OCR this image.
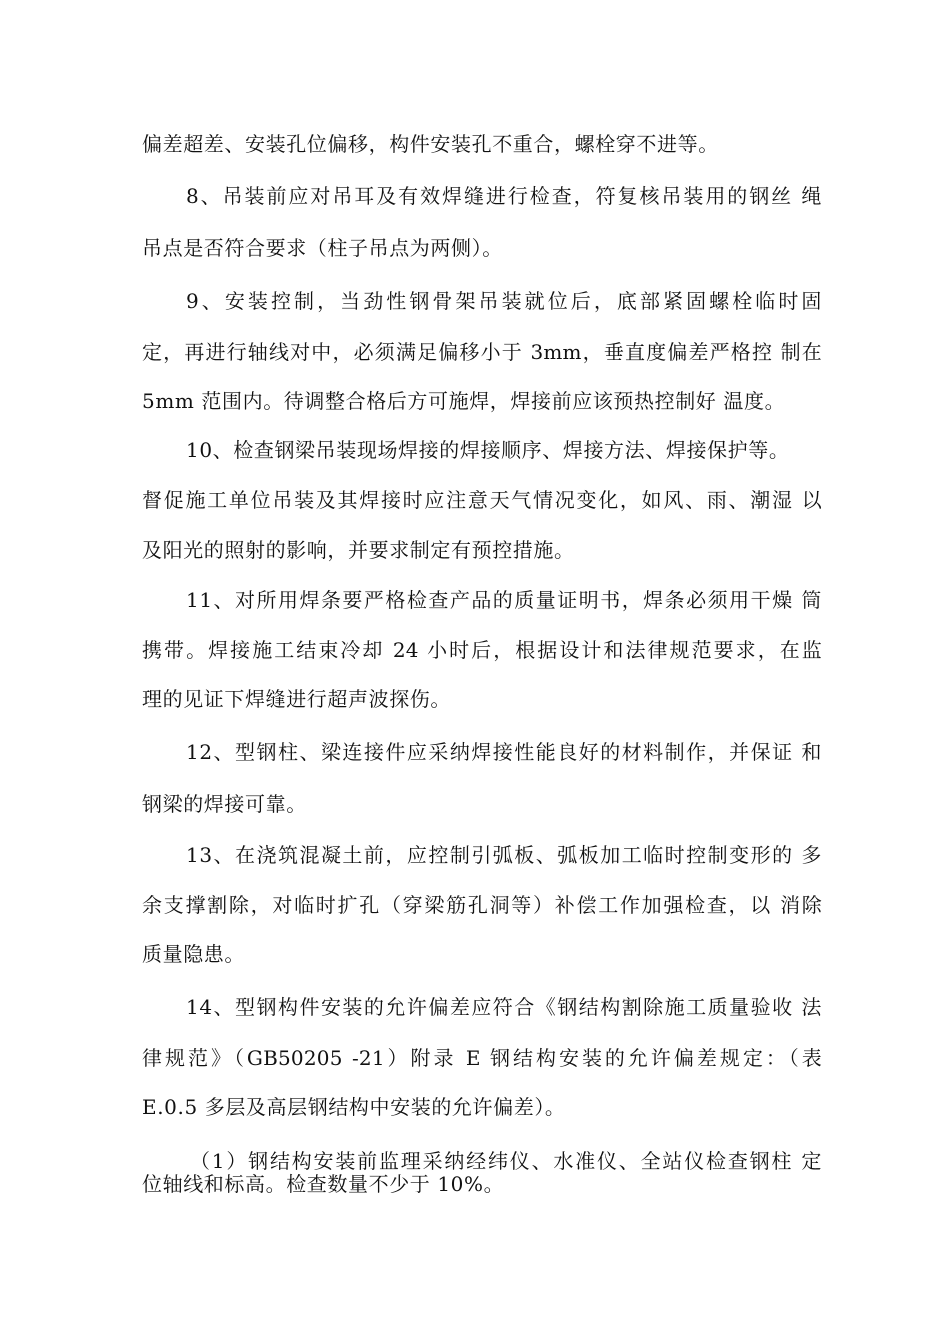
偏差超差、安装孔位偏移，构件安装孔不重合，螺栓穿不进等。
8、吊装前应对吊耳及有效焊缝进行检查，符复核吊装用的钢丝 绳
吊点是否符合要求（柱子吊点为两侧）。
9、安装控制，当劲性钢骨架吊装就位后，底部紧固螺栓临时固
定，再进行轴线对中，必须满足偏移小于 3mm，垂直度偏差严格控 制在
5mm 范围内。待调整合格后方可施焊，焊接前应该预热控制好 温度。
10、检查钢梁吊装现场焊接的焊接顺序、焊接方法、焊接保护等。
督促施工单位吊装及其焊接时应注意天气情况变化，如风、雨、潮湿 以
及阳光的照射的影响，并要求制定有预控措施。
11、对所用焊条要严格检查产品的质量证明书，焊条必须用干燥 筒
携带。焊接施工结束冷却 24 小时后，根据设计和法律规范要求，在监
理的见证下焊缝进行超声波探伤。
12、型钢柱、梁连接件应采纳焊接性能良好的材料制作，并保证 和
钢梁的焊接可靠。
13、在浇筑混凝土前，应控制引弧板、弧板加工临时控制变形的 多
余支撑割除，对临时扩孔（穿梁筋孔洞等）补偿工作加强检查，以 消除
质量隐患。
14、型钢构件安装的允许偏差应符合《钢结构割除施工质量验收 法
律规范》（GB50205 -21）附录 E 钢结构安装的允许偏差规定：（表
E.0.5 多层及高层钢结构中安装的允许偏差）。
（1）钢结构安装前监理采纳经纬仪、水准仪、全站仪检查钢柱 定
位轴线和标高。检查数量不少于 10%。
